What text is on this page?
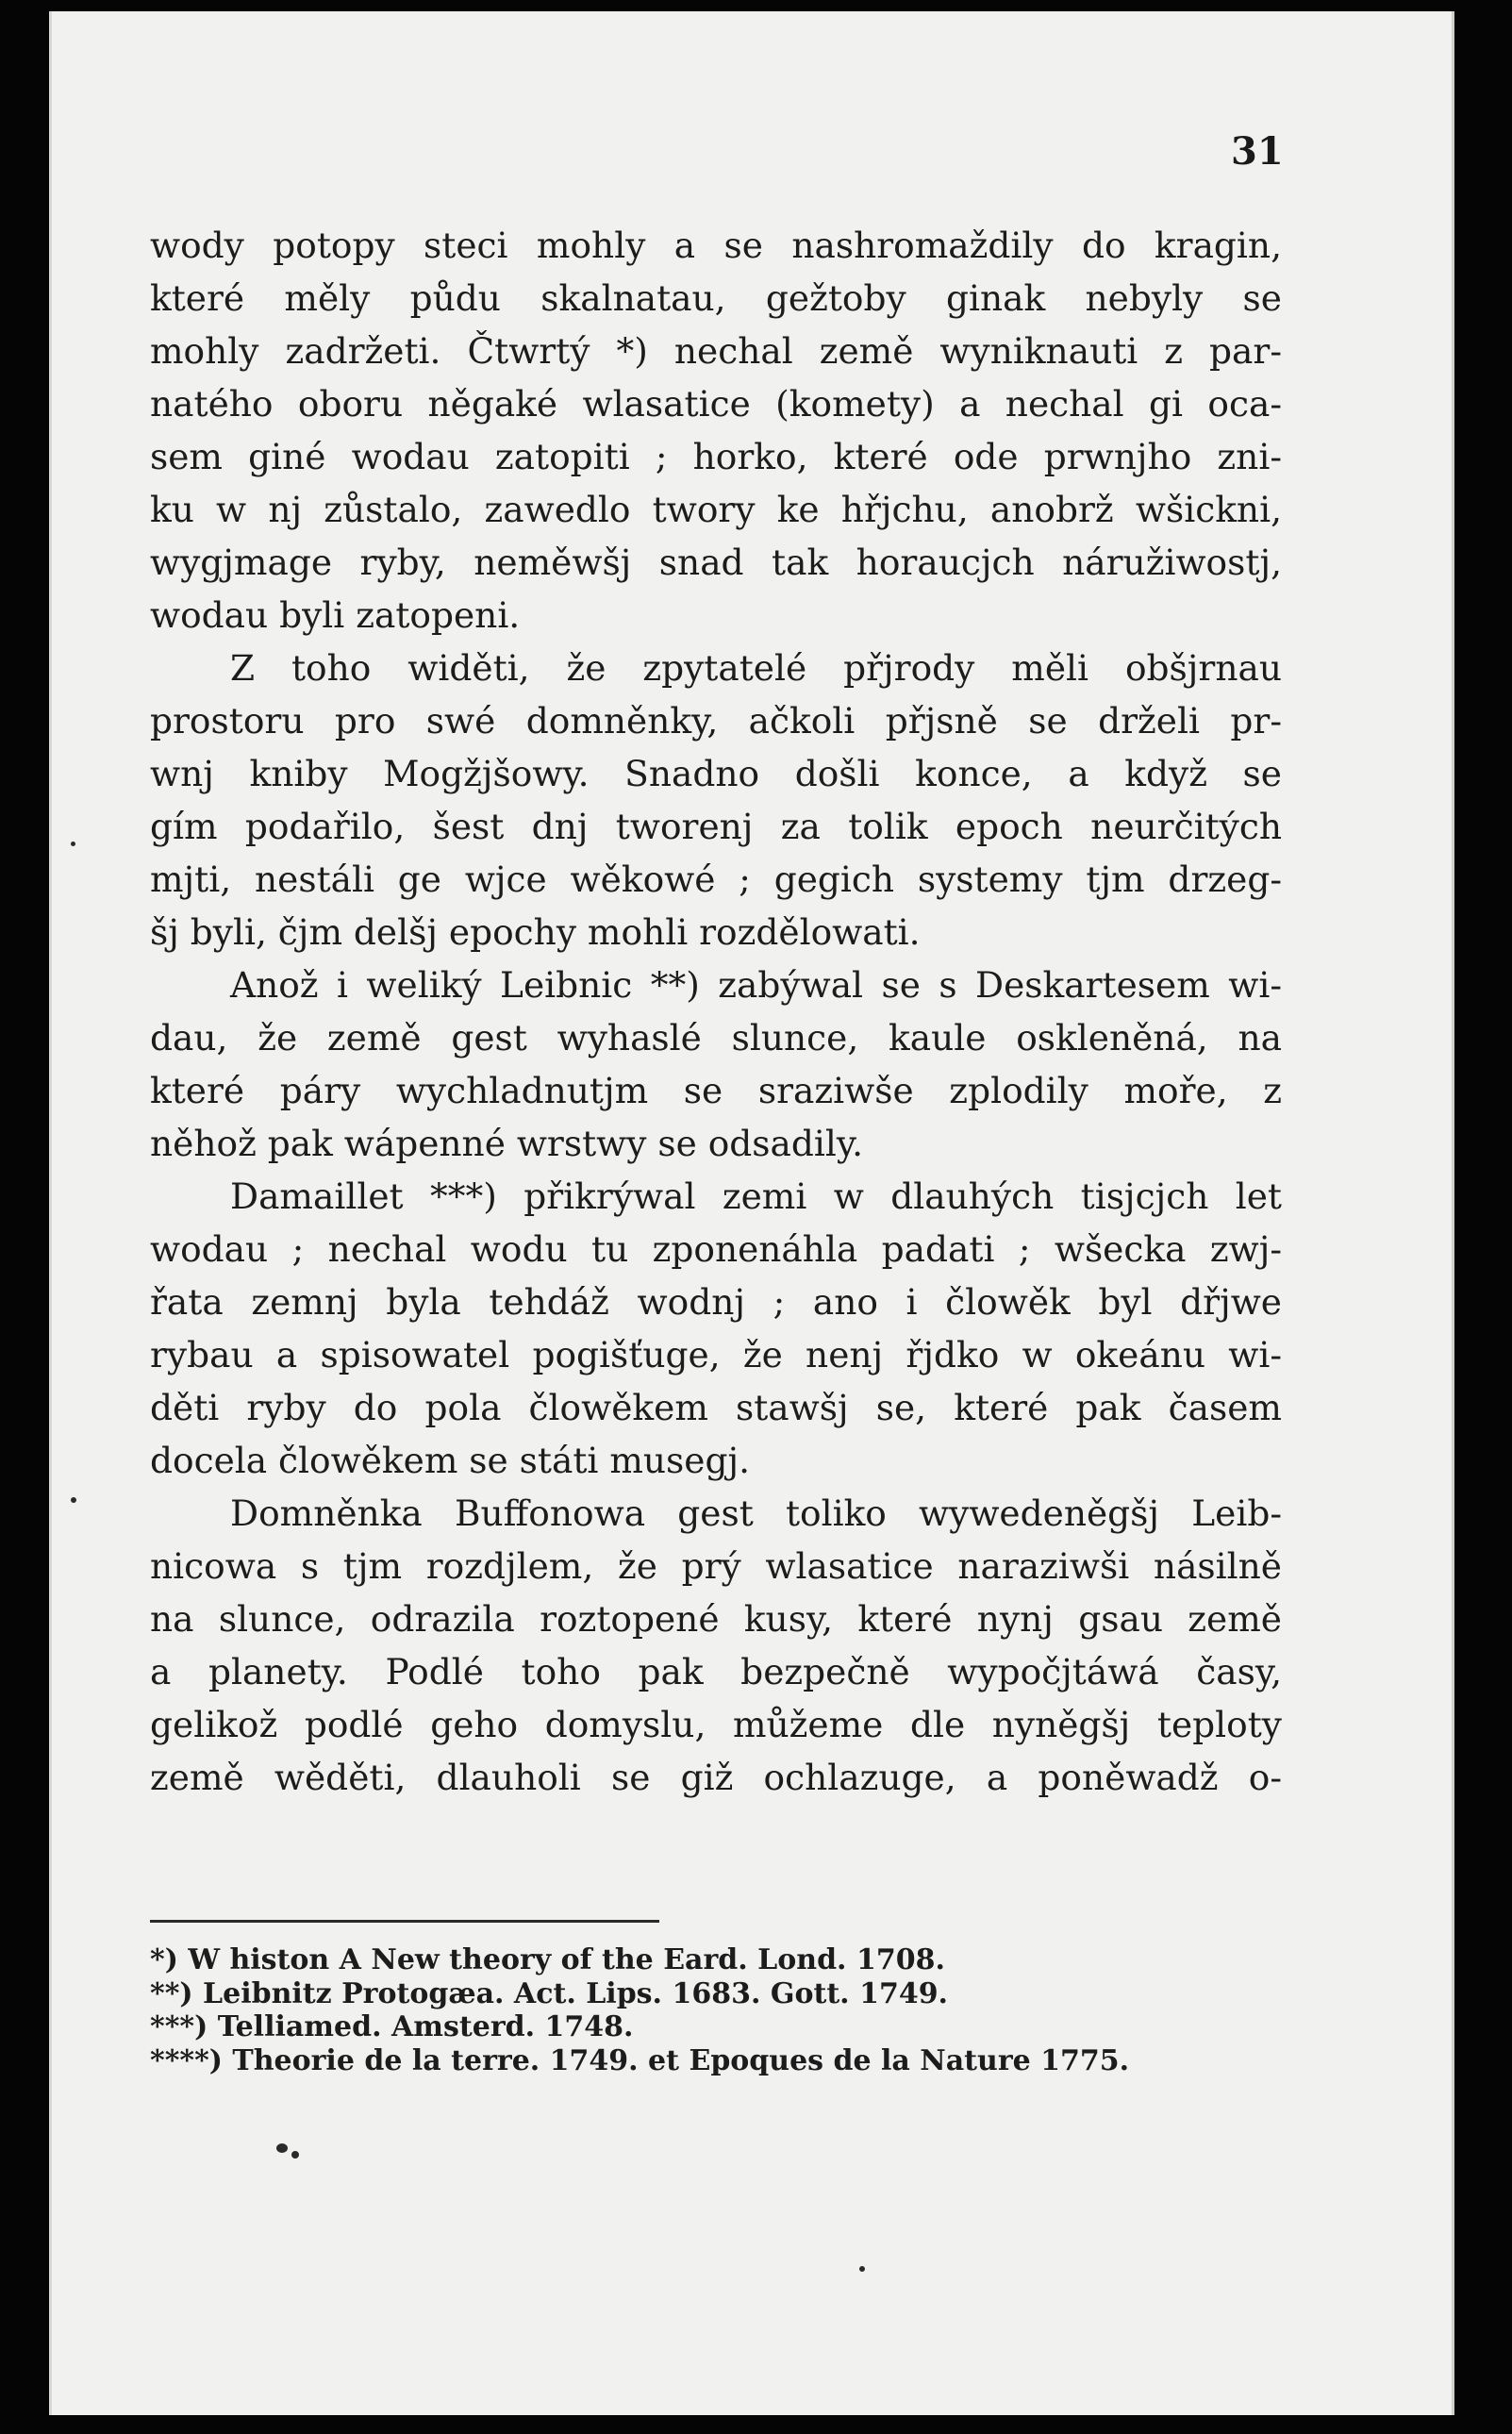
31
wody potopy steci mohly a se nashromaždily do kragin,
které měly půdu skalnatau, gežtoby ginak nebyly se
mohly zadržeti. Čtwrtý *) nechal země wyniknauti z par-
natého oboru něgaké wlasatice (komety) a nechal gi oca-
sem giné wodau zatopiti ; horko, které ode prwnjho zni-
ku w nj zůstalo, zawedlo twory ke hřjchu, anobrž wšickni,
wygjmage ryby, neměwšj snad tak horaucjch náružiwostj,
wodau byli zatopeni.
Z toho widěti, že zpytatelé přjrody měli obšjrnau
prostoru pro swé domněnky, ačkoli přjsně se drželi pr-
wnj kniby Mogžjšowy. Snadno došli konce, a když se
gím podařilo, šest dnj tworenj za tolik epoch neurčitých
mjti, nestáli ge wjce wěkowé ; gegich systemy tjm drzeg-
šj byli, čjm delšj epochy mohli rozdělowati.
Anož i weliký Leibnic **) zabýwal se s Deskartesem wi-
dau, že země gest wyhaslé slunce, kaule oskleněná, na
které páry wychladnutjm se sraziwše zplodily moře, z
něhož pak wápenné wrstwy se odsadily.
Damaillet ***) přikrýwal zemi w dlauhých tisjcjch let
wodau ; nechal wodu tu zponenáhla padati ; wšecka zwj-
řata zemnj byla tehdáž wodnj ; ano i člowěk byl dřjwe
rybau a spisowatel pogišťuge, že nenj řjdko w okeánu wi-
děti ryby do pola člowěkem stawšj se, které pak časem
docela člowěkem se státi musegj.
Domněnka Buffonowa gest toliko wywedeněgšj Leib-
nicowa s tjm rozdjlem, že prý wlasatice naraziwši násilně
na slunce, odrazila roztopené kusy, které nynj gsau země
a planety. Podlé toho pak bezpečně wypočjtáwá časy,
gelikož podlé geho domyslu, můžeme dle nyněgšj teploty
země wěděti, dlauholi se giž ochlazuge, a poněwadž o-
*) W histon A New theory of the Eard. Lond. 1708.
**) Leibnitz Protogæa. Act. Lips. 1683. Gott. 1749.
***) Telliamed. Amsterd. 1748.
****) Theorie de la terre. 1749. et Epoques de la Nature 1775.
